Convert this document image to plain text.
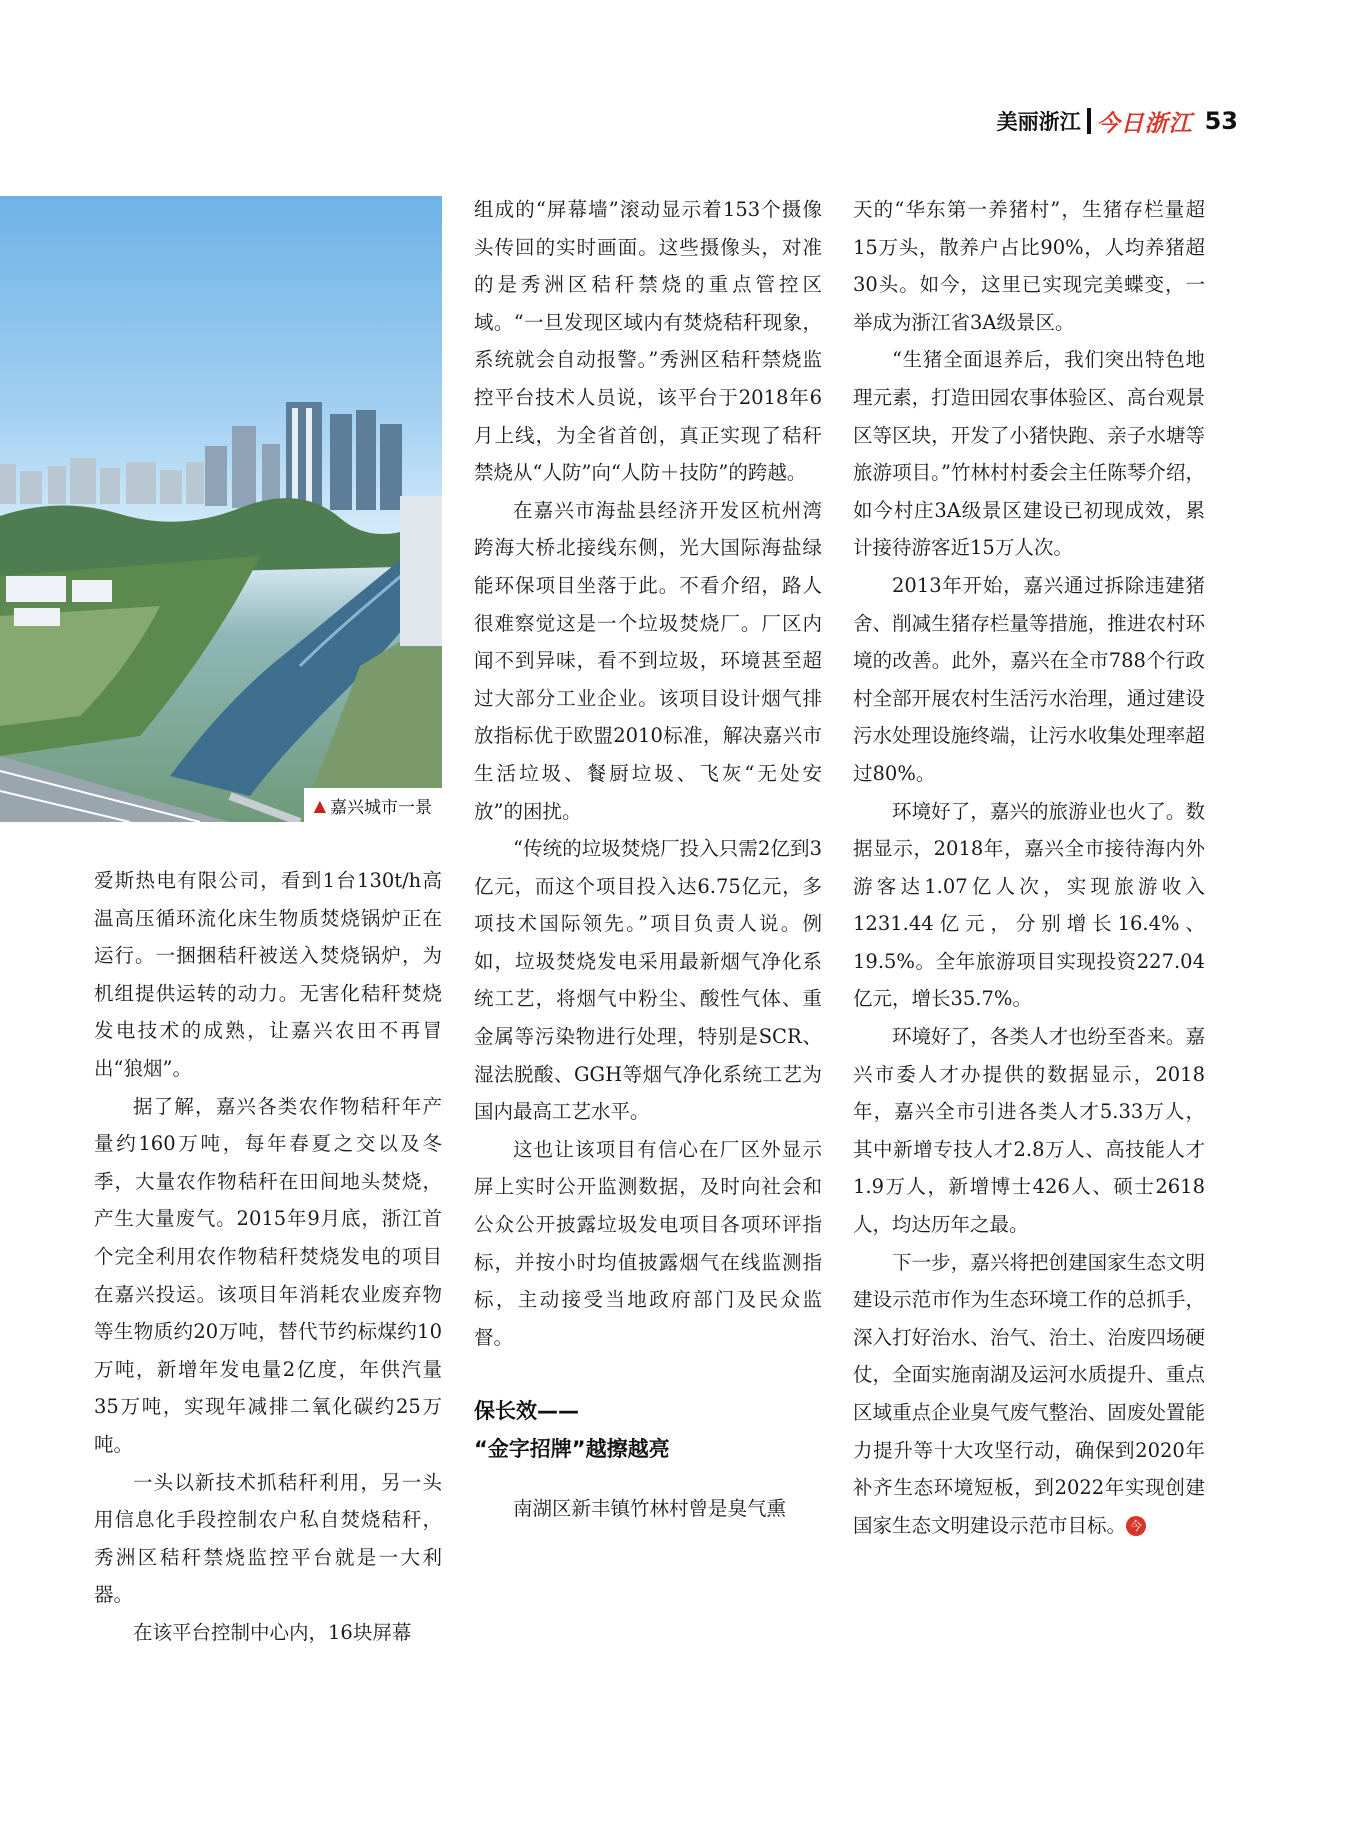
美丽浙江 今日浙江 53
▲ 嘉兴城市一景

爱斯热电有限公司，看到1台130t/h高温高压循环流化床生物质焚烧锅炉正在运行。一捆捆秸秆被送入焚烧锅炉，为机组提供运转的动力。无害化秸秆焚烧发电技术的成熟，让嘉兴农田不再冒出“狼烟”。

据了解，嘉兴各类农作物秸秆年产量约160万吨，每年春夏之交以及冬季，大量农作物秸秆在田间地头焚烧，产生大量废气。2015年9月底，浙江首个完全利用农作物秸秆焚烧发电的项目在嘉兴投运。该项目年消耗农业废弃物等生物质约20万吨，替代节约标煤约10万吨，新增年发电量2亿度，年供汽量35万吨，实现年减排二氧化碳约25万吨。

一头以新技术抓秸秆利用，另一头用信息化手段控制农户私自焚烧秸秆，秀洲区秸秆禁烧监控平台就是一大利器。

在该平台控制中心内，16块屏幕

组成的“屏幕墙”滚动显示着153个摄像头传回的实时画面。这些摄像头，对准的是秀洲区秸秆禁烧的重点管控区域。“一旦发现区域内有焚烧秸秆现象，系统就会自动报警。”秀洲区秸秆禁烧监控平台技术人员说，该平台于2018年6月上线，为全省首创，真正实现了秸秆禁烧从“人防”向“人防＋技防”的跨越。

在嘉兴市海盐县经济开发区杭州湾跨海大桥北接线东侧，光大国际海盐绿能环保项目坐落于此。不看介绍，路人很难察觉这是一个垃圾焚烧厂。厂区内闻不到异味，看不到垃圾，环境甚至超过大部分工业企业。该项目设计烟气排放指标优于欧盟2010标准，解决嘉兴市生活垃圾、餐厨垃圾、飞灰“无处安放”的困扰。

“传统的垃圾焚烧厂投入只需2亿到3亿元，而这个项目投入达6.75亿元，多项技术国际领先。”项目负责人说。例如，垃圾焚烧发电采用最新烟气净化系统工艺，将烟气中粉尘、酸性气体、重金属等污染物进行处理，特别是SCR、湿法脱酸、GGH等烟气净化系统工艺为国内最高工艺水平。

这也让该项目有信心在厂区外显示屏上实时公开监测数据，及时向社会和公众公开披露垃圾发电项目各项环评指标，并按小时均值披露烟气在线监测指标，主动接受当地政府部门及民众监督。

保长效——
“金字招牌”越擦越亮

南湖区新丰镇竹林村曾是臭气熏

天的“华东第一养猪村”，生猪存栏量超15万头，散养户占比90%，人均养猪超30头。如今，这里已实现完美蝶变，一举成为浙江省3A级景区。

“生猪全面退养后，我们突出特色地理元素，打造田园农事体验区、高台观景区等区块，开发了小猪快跑、亲子水塘等旅游项目。”竹林村村委会主任陈琴介绍，如今村庄3A级景区建设已初现成效，累计接待游客近15万人次。

2013年开始，嘉兴通过拆除违建猪舍、削减生猪存栏量等措施，推进农村环境的改善。此外，嘉兴在全市788个行政村全部开展农村生活污水治理，通过建设污水处理设施终端，让污水收集处理率超过80%。

环境好了，嘉兴的旅游业也火了。数据显示，2018年，嘉兴全市接待海内外游客达1.07亿人次，实现旅游收入1231.44亿元，分别增长16.4%、19.5%。全年旅游项目实现投资227.04亿元，增长35.7%。

环境好了，各类人才也纷至沓来。嘉兴市委人才办提供的数据显示，2018年，嘉兴全市引进各类人才5.33万人，其中新增专技人才2.8万人、高技能人才1.9万人，新增博士426人、硕士2618人，均达历年之最。

下一步，嘉兴将把创建国家生态文明建设示范市作为生态环境工作的总抓手，深入打好治水、治气、治土、治废四场硬仗，全面实施南湖及运河水质提升、重点区域重点企业臭气废气整治、固废处置能力提升等十大攻坚行动，确保到2020年补齐生态环境短板，到2022年实现创建国家生态文明建设示范市目标。 今
